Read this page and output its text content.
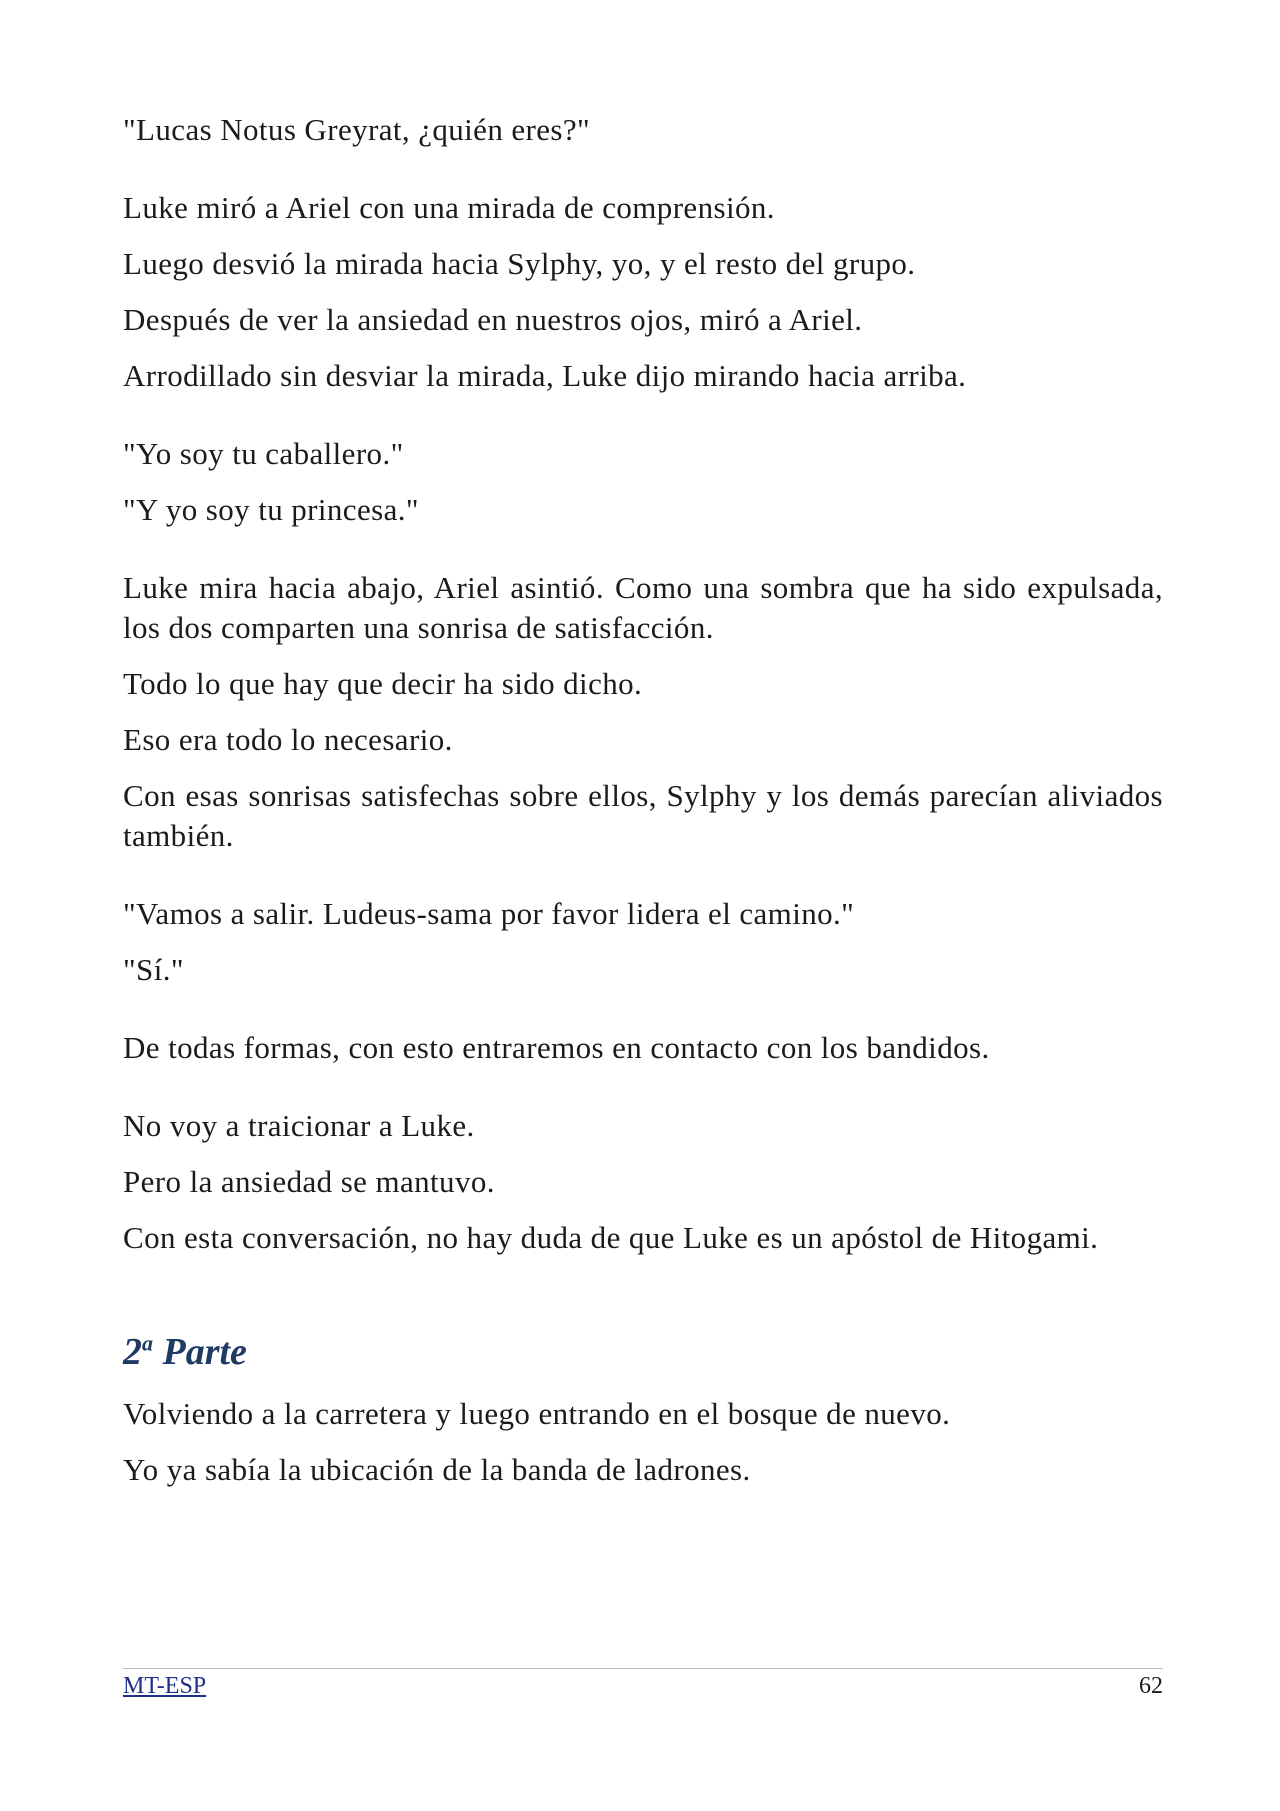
"Lucas Notus Greyrat, ¿quién eres?"

Luke miró a Ariel con una mirada de comprensión.

Luego desvió la mirada hacia Sylphy, yo, y el resto del grupo.

Después de ver la ansiedad en nuestros ojos, miró a Ariel.

Arrodillado sin desviar la mirada, Luke dijo mirando hacia arriba.

"Yo soy tu caballero."

"Y yo soy tu princesa."

Luke mira hacia abajo, Ariel asintió. Como una sombra que ha sido expulsada, los dos comparten una sonrisa de satisfacción.

Todo lo que hay que decir ha sido dicho.

Eso era todo lo necesario.

Con esas sonrisas satisfechas sobre ellos, Sylphy y los demás parecían aliviados también.

"Vamos a salir. Ludeus-sama por favor lidera el camino."

"Sí."

De todas formas, con esto entraremos en contacto con los bandidos.

No voy a traicionar a Luke.

Pero la ansiedad se mantuvo.

Con esta conversación, no hay duda de que Luke es un apóstol de Hitogami.

2$^a$ Parte

Volviendo a la carretera y luego entrando en el bosque de nuevo.

Yo ya sabía la ubicación de la banda de ladrones.

MT-ESP	62
